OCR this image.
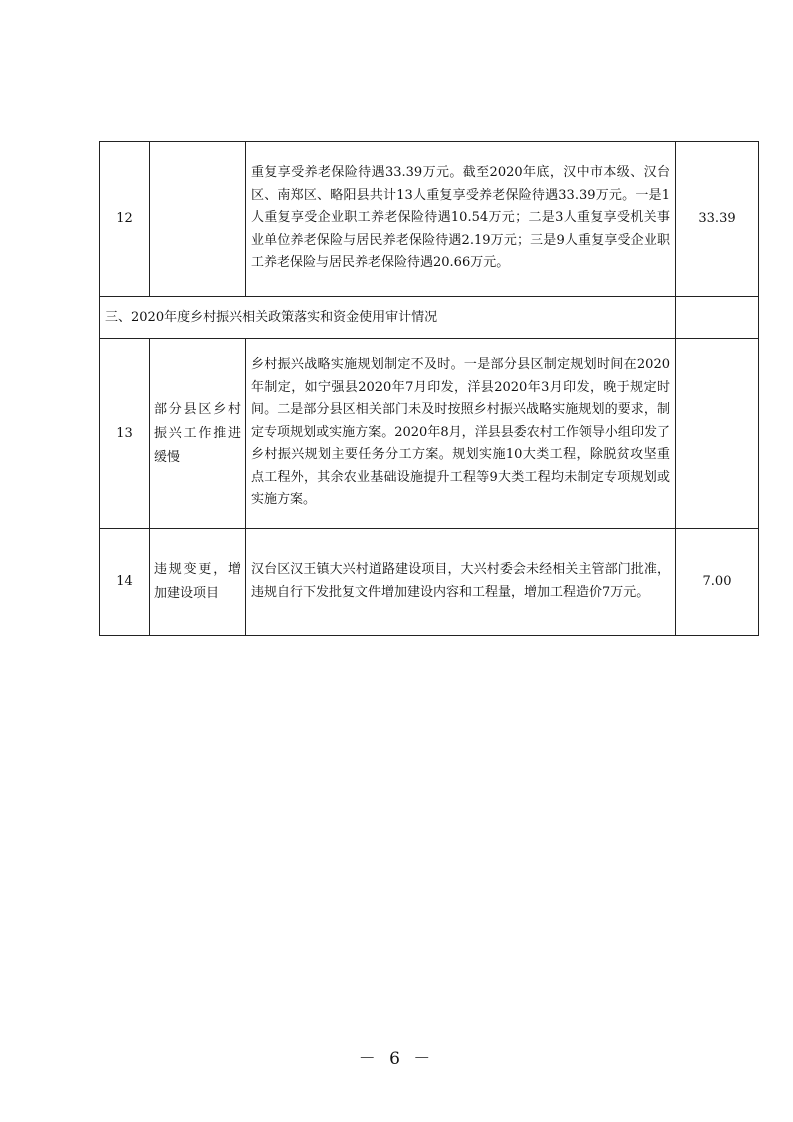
12		重复享受养老保险待遇33.39万元。截至2020年底，汉中市本级、汉台区、南郑区、略阳县共计13人重复享受养老保险待遇33.39万元。一是1人重复享受企业职工养老保险待遇10.54万元；二是3人重复享受机关事业单位养老保险与居民养老保险待遇2.19万元；三是9人重复享受企业职工养老保险与居民养老保险待遇20.66万元。	33.39
三、2020年度乡村振兴相关政策落实和资金使用审计情况			
13	部分县区乡村振兴工作推进缓慢	乡村振兴战略实施规划制定不及时。一是部分县区制定规划时间在2020年制定，如宁强县2020年7月印发，洋县2020年3月印发，晚于规定时间。二是部分县区相关部门未及时按照乡村振兴战略实施规划的要求，制定专项规划或实施方案。2020年8月，洋县县委农村工作领导小组印发了乡村振兴规划主要任务分工方案。规划实施10大类工程，除脱贫攻坚重点工程外，其余农业基础设施提升工程等9大类工程均未制定专项规划或实施方案。	
14	违规变更，增加建设项目	汉台区汉王镇大兴村道路建设项目，大兴村委会未经相关主管部门批准，违规自行下发批复文件增加建设内容和工程量，增加工程造价7万元。	7.00
－ 6 －
